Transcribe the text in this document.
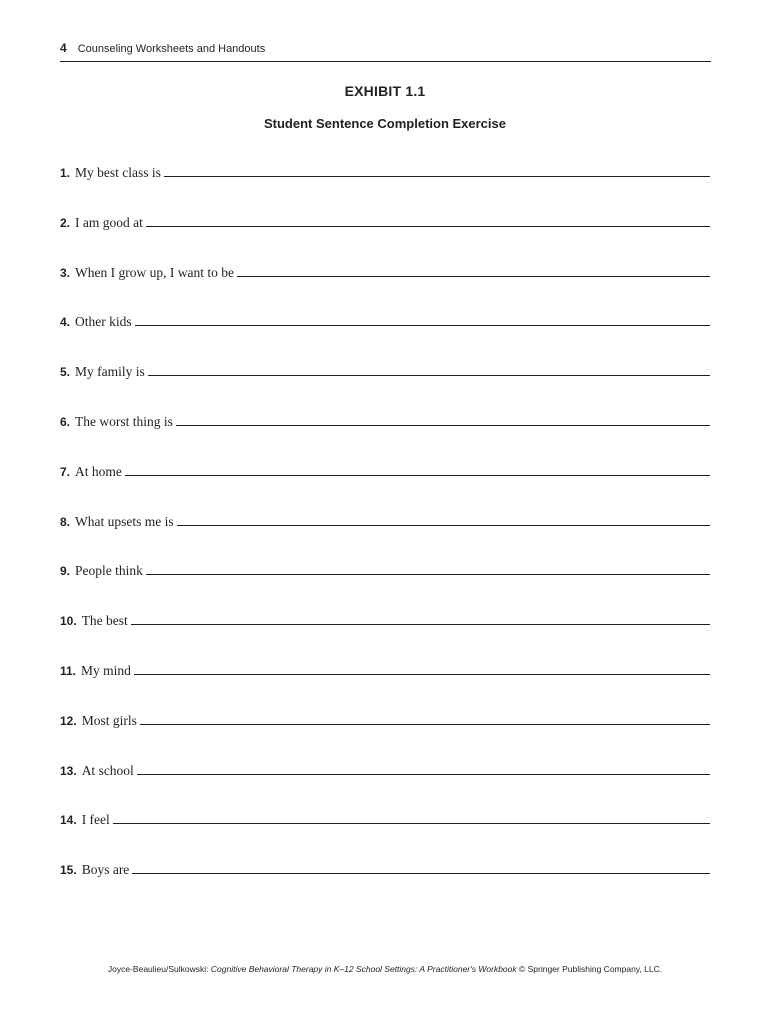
4 Counseling Worksheets and Handouts
EXHIBIT 1.1
Student Sentence Completion Exercise
1. My best class is
2. I am good at
3. When I grow up, I want to be
4. Other kids
5. My family is
6. The worst thing is
7. At home
8. What upsets me is
9. People think
10. The best
11. My mind
12. Most girls
13. At school
14. I feel
15. Boys are
Joyce-Beaulieu/Sulkowski: Cognitive Behavioral Therapy in K–12 School Settings: A Practitioner's Workbook © Springer Publishing Company, LLC.
